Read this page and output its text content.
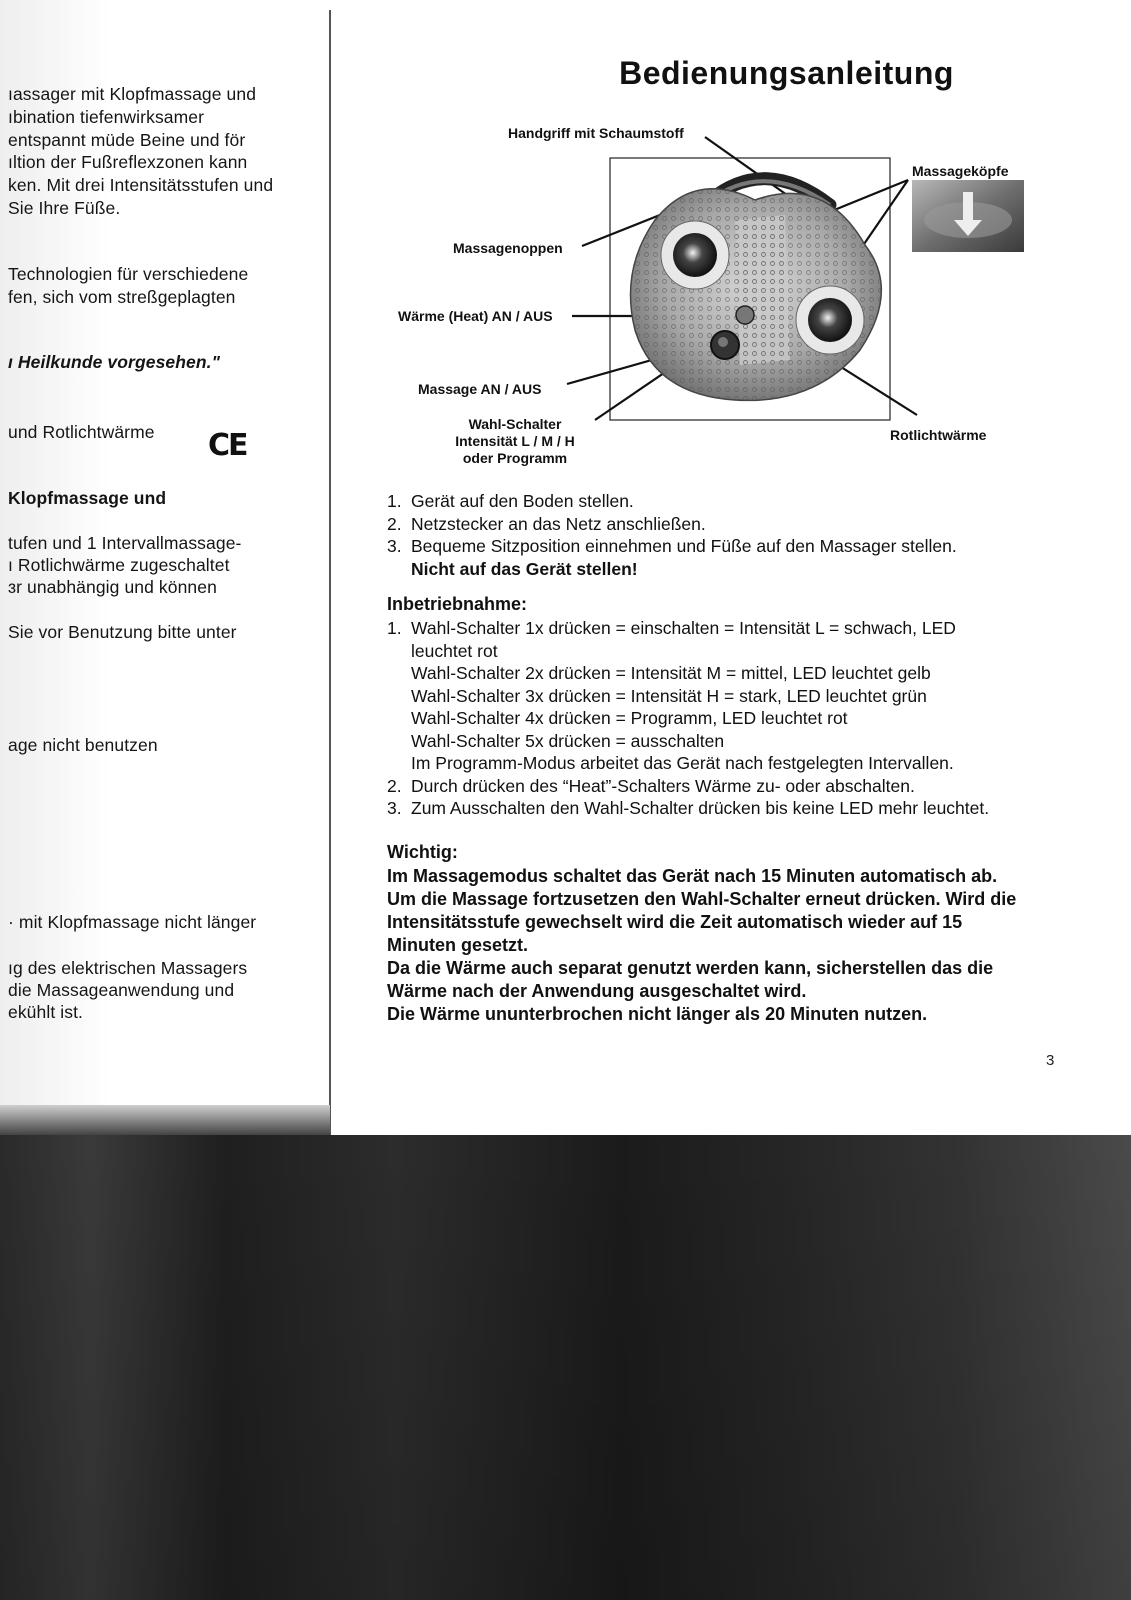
ıassager mit Klopfmassage und
ıbination tiefenwirksamer
entspannt müde Beine und för
ıltion der Fußreflexzonen kann
ken. Mit drei Intensitätsstufen und
Sie Ihre Füße.
Technologien für verschiedene
fen, sich vom streßgeplagten
ı Heilkunde vorgesehen."
und Rotlichtwärme CE
Klopfmassage und
tufen und 1 Intervallmassage-
ı Rotlichwärme zugeschaltet
ɜr unabhängig und können
Sie vor Benutzung bitte unter
age nicht benutzen
· mit Klopfmassage nicht länger
ıg des elektrischen Massagers
die Massageanwendung und
ekühlt ist.
Bedienungsanleitung
Handgriff mit Schaumstoff
Massageköpfe
Massagenoppen
Wärme (Heat) AN / AUS
Massage AN / AUS
Wahl-Schalter
Intensität L / M / H
oder Programm
Rotlichtwärme
1. Gerät auf den Boden stellen.
2. Netzstecker an das Netz anschließen.
3. Bequeme Sitzposition einnehmen und Füße auf den Massager stellen.
Nicht auf das Gerät stellen!
Inbetriebnahme:
1. Wahl-Schalter 1x drücken = einschalten = Intensität L = schwach, LED
leuchtet rot
Wahl-Schalter 2x drücken = Intensität M = mittel, LED leuchtet gelb
Wahl-Schalter 3x drücken = Intensität H = stark, LED leuchtet grün
Wahl-Schalter 4x drücken = Programm, LED leuchtet rot
Wahl-Schalter 5x drücken = ausschalten
Im Programm-Modus arbeitet das Gerät nach festgelegten Intervallen.
2. Durch drücken des “Heat”-Schalters Wärme zu- oder abschalten.
3. Zum Ausschalten den Wahl-Schalter drücken bis keine LED mehr leuchtet.
Wichtig:
Im Massagemodus schaltet das Gerät nach 15 Minuten automatisch ab.
Um die Massage fortzusetzen den Wahl-Schalter erneut drücken. Wird die
Intensitätsstufe gewechselt wird die Zeit automatisch wieder auf 15
Minuten gesetzt.
Da die Wärme auch separat genutzt werden kann, sicherstellen das die
Wärme nach der Anwendung ausgeschaltet wird.
Die Wärme ununterbrochen nicht länger als 20 Minuten nutzen.
3
